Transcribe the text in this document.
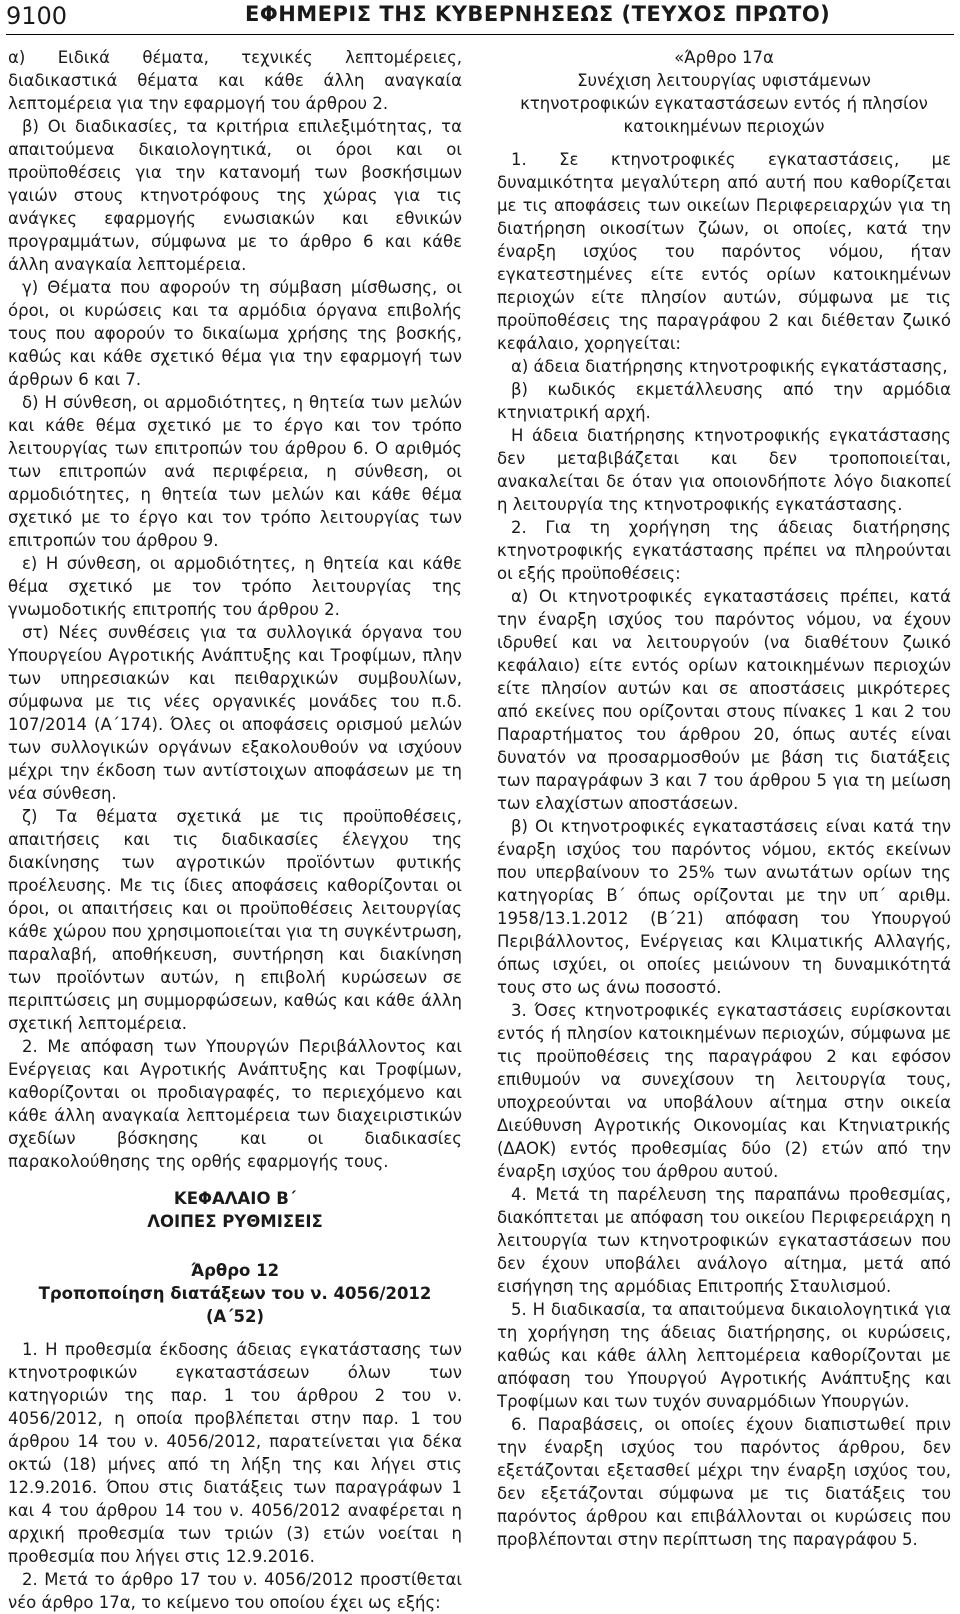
9100	ΕΦΗΜΕΡΙΣ ΤΗΣ ΚΥΒΕΡΝΗΣΕΩΣ (ΤΕΥΧΟΣ ΠΡΩΤΟ)

α) Ειδικά θέματα, τεχνικές λεπτομέρειες, διαδικαστικά θέματα και κάθε άλλη αναγκαία λεπτομέρεια για την εφαρμογή του άρθρου 2.

β) Οι διαδικασίες, τα κριτήρια επιλεξιμότητας, τα απαιτούμενα δικαιολογητικά, οι όροι και οι προϋποθέσεις για την κατανομή των βοσκήσιμων γαιών στους κτηνοτρόφους της χώρας για τις ανάγκες εφαρμογής ενωσιακών και εθνικών προγραμμάτων, σύμφωνα με το άρθρο 6 και κάθε άλλη αναγκαία λεπτομέρεια.

γ) Θέματα που αφορούν τη σύμβαση μίσθωσης, οι όροι, οι κυρώσεις και τα αρμόδια όργανα επιβολής τους που αφορούν το δικαίωμα χρήσης της βοσκής, καθώς και κάθε σχετικό θέμα για την εφαρμογή των άρθρων 6 και 7.

δ) Η σύνθεση, οι αρμοδιότητες, η θητεία των μελών και κάθε θέμα σχετικό με το έργο και τον τρόπο λειτουργίας των επιτροπών του άρθρου 6. Ο αριθμός των επιτροπών ανά περιφέρεια, η σύνθεση, οι αρμοδιότητες, η θητεία των μελών και κάθε θέμα σχετικό με το έργο και τον τρόπο λειτουργίας των επιτροπών του άρθρου 9.

ε) Η σύνθεση, οι αρμοδιότητες, η θητεία και κάθε θέμα σχετικό με τον τρόπο λειτουργίας της γνωμοδοτικής επιτροπής του άρθρου 2.

στ) Νέες συνθέσεις για τα συλλογικά όργανα του Υπουργείου Αγροτικής Ανάπτυξης και Τροφίμων, πλην των υπηρεσιακών και πειθαρχικών συμβουλίων, σύμφωνα με τις νέες οργανικές μονάδες του π.δ. 107/2014 (Α΄174). Όλες οι αποφάσεις ορισμού μελών των συλλογικών οργάνων εξακολουθούν να ισχύουν μέχρι την έκδοση των αντίστοιχων αποφάσεων με τη νέα σύνθεση.

ζ) Τα θέματα σχετικά με τις προϋποθέσεις, απαιτήσεις και τις διαδικασίες έλεγχου της διακίνησης των αγροτικών προϊόντων φυτικής προέλευσης. Με τις ίδιες αποφάσεις καθορίζονται οι όροι, οι απαιτήσεις και οι προϋποθέσεις λειτουργίας κάθε χώρου που χρησιμοποιείται για τη συγκέντρωση, παραλαβή, αποθήκευση, συντήρηση και διακίνηση των προϊόντων αυτών, η επιβολή κυρώσεων σε περιπτώσεις μη συμμορφώσεων, καθώς και κάθε άλλη σχετική λεπτομέρεια.

2. Με απόφαση των Υπουργών Περιβάλλοντος και Ενέργειας και Αγροτικής Ανάπτυξης και Τροφίμων, καθορίζονται οι προδιαγραφές, το περιεχόμενο και κάθε άλλη αναγκαία λεπτομέρεια των διαχειριστικών σχεδίων βόσκησης και οι διαδικασίες παρακολούθησης της ορθής εφαρμογής τους.

ΚΕΦΑΛΑΙΟ Β΄

ΛΟΙΠΕΣ ΡΥΘΜΙΣΕΙΣ

Άρθρο 12

Τροποποίηση διατάξεων του ν. 4056/2012 (Α΄52)

1. Η προθεσμία έκδοσης άδειας εγκατάστασης των κτηνοτροφικών εγκαταστάσεων όλων των κατηγοριών της παρ. 1 του άρθρου 2 του ν. 4056/2012, η οποία προβλέπεται στην παρ. 1 του άρθρου 14 του ν. 4056/2012, παρατείνεται για δέκα οκτώ (18) μήνες από τη λήξη της και λήγει στις 12.9.2016. Όπου στις διατάξεις των παραγράφων 1 και 4 του άρθρου 14 του ν. 4056/2012 αναφέρεται η αρχική προθεσμία των τριών (3) ετών νοείται η προθεσμία που λήγει στις 12.9.2016.

2. Μετά το άρθρο 17 του ν. 4056/2012 προστίθεται νέο άρθρο 17α, το κείμενο του οποίου έχει ως εξής:

«Άρθρο 17α

Συνέχιση λειτουργίας υφιστάμενων κτηνοτροφικών εγκαταστάσεων εντός ή πλησίον κατοικημένων περιοχών

1. Σε κτηνοτροφικές εγκαταστάσεις, με δυναμικότητα μεγαλύτερη από αυτή που καθορίζεται με τις αποφάσεις των οικείων Περιφερειαρχών για τη διατήρηση οικοσίτων ζώων, οι οποίες, κατά την έναρξη ισχύος του παρόντος νόμου, ήταν εγκατεστημένες είτε εντός ορίων κατοικημένων περιοχών είτε πλησίον αυτών, σύμφωνα με τις προϋποθέσεις της παραγράφου 2 και διέθεταν ζωικό κεφάλαιο, χορηγείται:

α) άδεια διατήρησης κτηνοτροφικής εγκατάστασης,

β) κωδικός εκμετάλλευσης από την αρμόδια κτηνιατρική αρχή.

Η άδεια διατήρησης κτηνοτροφικής εγκατάστασης δεν μεταβιβάζεται και δεν τροποποιείται, ανακαλείται δε όταν για οποιονδήποτε λόγο διακοπεί η λειτουργία της κτηνοτροφικής εγκατάστασης.

2. Για τη χορήγηση της άδειας διατήρησης κτηνοτροφικής εγκατάστασης πρέπει να πληρούνται οι εξής προϋποθέσεις:

α) Οι κτηνοτροφικές εγκαταστάσεις πρέπει, κατά την έναρξη ισχύος του παρόντος νόμου, να έχουν ιδρυθεί και να λειτουργούν (να διαθέτουν ζωικό κεφάλαιο) είτε εντός ορίων κατοικημένων περιοχών είτε πλησίον αυτών και σε αποστάσεις μικρότερες από εκείνες που ορίζονται στους πίνακες 1 και 2 του Παραρτήματος του άρθρου 20, όπως αυτές είναι δυνατόν να προσαρμοσθούν με βάση τις διατάξεις των παραγράφων 3 και 7 του άρθρου 5 για τη μείωση των ελαχίστων αποστάσεων.

β) Οι κτηνοτροφικές εγκαταστάσεις είναι κατά την έναρξη ισχύος του παρόντος νόμου, εκτός εκείνων που υπερβαίνουν το 25% των ανωτάτων ορίων της κατηγορίας Β΄ όπως ορίζονται με την υπ΄ αριθμ. 1958/13.1.2012 (Β΄21) απόφαση του Υπουργού Περιβάλλοντος, Ενέργειας και Κλιματικής Αλλαγής, όπως ισχύει, οι οποίες μειώνουν τη δυναμικότητά τους στο ως άνω ποσοστό.

3. Όσες κτηνοτροφικές εγκαταστάσεις ευρίσκονται εντός ή πλησίον κατοικημένων περιοχών, σύμφωνα με τις προϋποθέσεις της παραγράφου 2 και εφόσον επιθυμούν να συνεχίσουν τη λειτουργία τους, υποχρεούνται να υποβάλουν αίτημα στην οικεία Διεύθυνση Αγροτικής Οικονομίας και Κτηνιατρικής (ΔΑΟΚ) εντός προθεσμίας δύο (2) ετών από την έναρξη ισχύος του άρθρου αυτού.

4. Μετά τη παρέλευση της παραπάνω προθεσμίας, διακόπτεται με απόφαση του οικείου Περιφερειάρχη η λειτουργία των κτηνοτροφικών εγκαταστάσεων που δεν έχουν υποβάλει ανάλογο αίτημα, μετά από εισήγηση της αρμόδιας Επιτροπής Σταυλισμού.

5. Η διαδικασία, τα απαιτούμενα δικαιολογητικά για τη χορήγηση της άδειας διατήρησης, οι κυρώσεις, καθώς και κάθε άλλη λεπτομέρεια καθορίζονται με απόφαση του Υπουργού Αγροτικής Ανάπτυξης και Τροφίμων και των τυχόν συναρμόδιων Υπουργών.

6. Παραβάσεις, οι οποίες έχουν διαπιστωθεί πριν την έναρξη ισχύος του παρόντος άρθρου, δεν εξετάζονται εξετασθεί μέχρι την έναρξη ισχύος του, δεν εξετάζονται σύμφωνα με τις διατάξεις του παρόντος άρθρου και επιβάλλονται οι κυρώσεις που προβλέπονται στην περίπτωση της παραγράφου 5.
